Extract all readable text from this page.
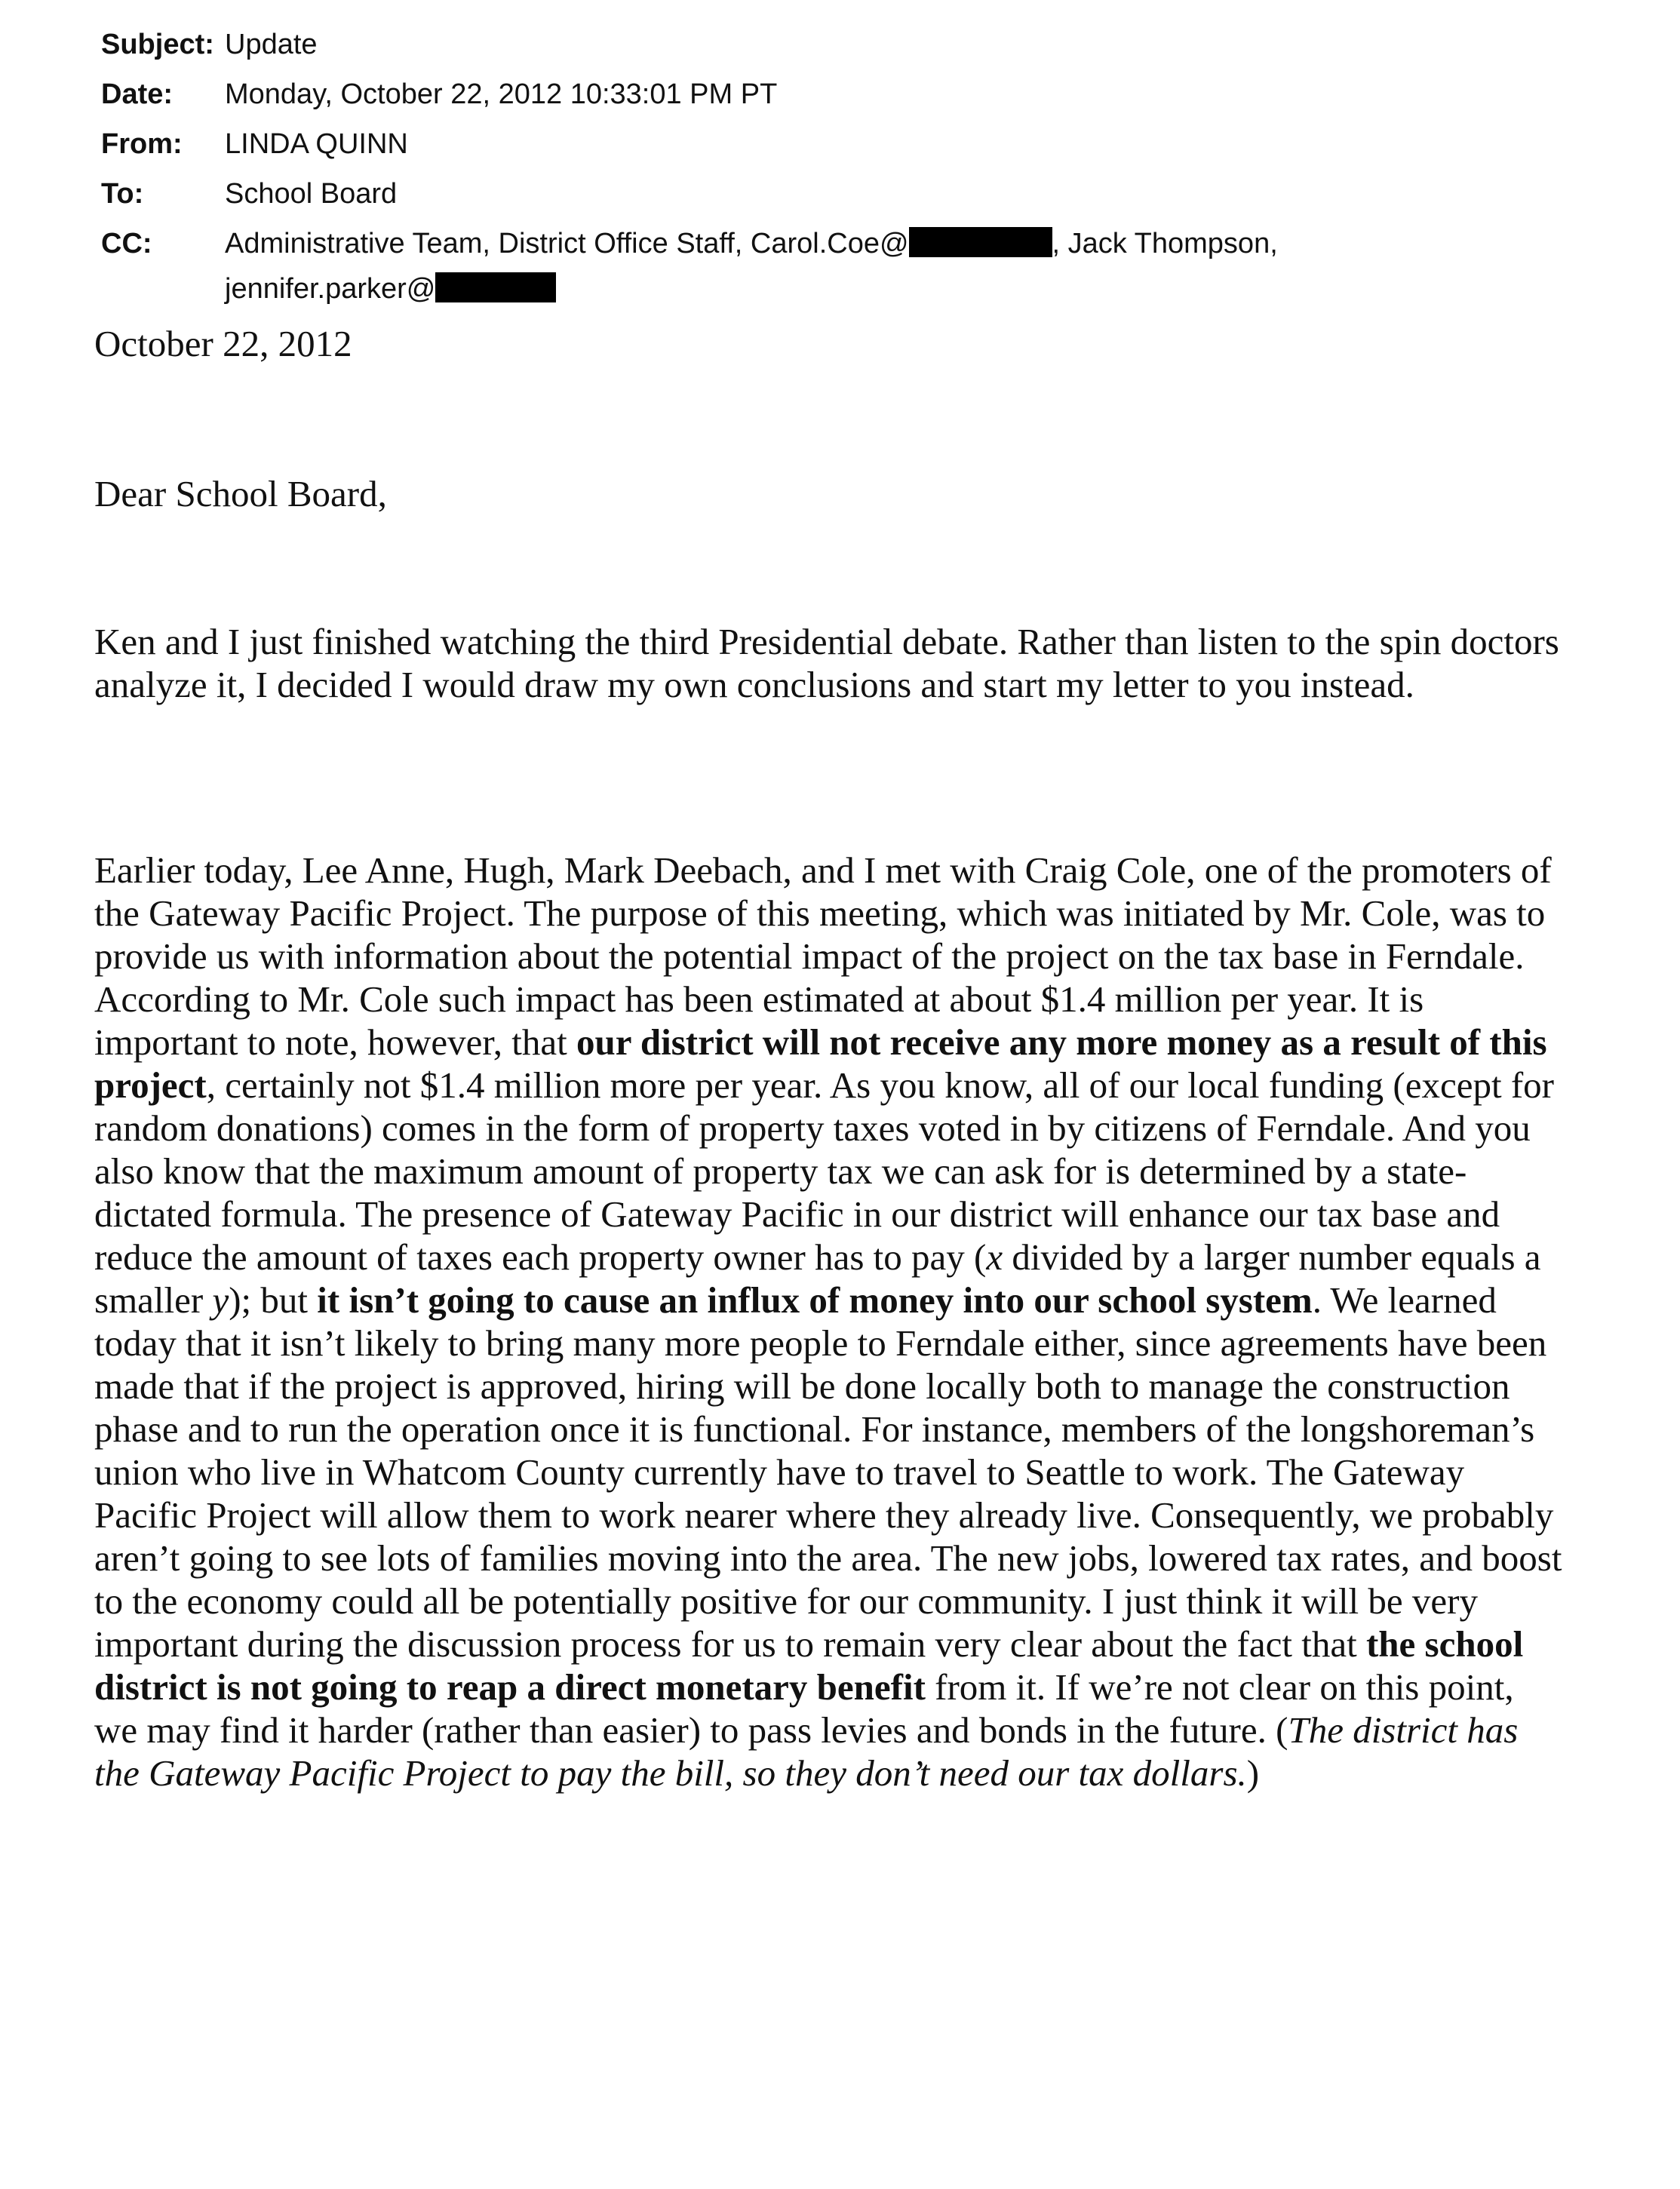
Subject: Update
Date:	Monday, October 22, 2012 10:33:01 PM PT
From:	LINDA QUINN
To:	School Board
CC:	Administrative Team, District Office Staff, Carol.Coe@	, Jack Thompson,
jennifer.parker@

October 22, 2012

Dear School Board,

Ken and I just finished watching the third Presidential debate. Rather than listen to the spin doctors analyze it, I decided I would draw my own conclusions and start my letter to you instead.

Earlier today, Lee Anne, Hugh, Mark Deebach, and I met with Craig Cole, one of the promoters of the Gateway Pacific Project. The purpose of this meeting, which was initiated by Mr. Cole, was to provide us with information about the potential impact of the project on the tax base in Ferndale. According to Mr. Cole such impact has been estimated at about $1.4 million per year. It is important to note, however, that our district will not receive any more money as a result of this project, certainly not $1.4 million more per year. As you know, all of our local funding (except for random donations) comes in the form of property taxes voted in by citizens of Ferndale. And you also know that the maximum amount of property tax we can ask for is determined by a state-dictated formula. The presence of Gateway Pacific in our district will enhance our tax base and reduce the amount of taxes each property owner has to pay (x divided by a larger number equals a smaller y); but it isn’t going to cause an influx of money into our school system. We learned today that it isn’t likely to bring many more people to Ferndale either, since agreements have been made that if the project is approved, hiring will be done locally both to manage the construction phase and to run the operation once it is functional. For instance, members of the longshoreman’s union who live in Whatcom County currently have to travel to Seattle to work. The Gateway Pacific Project will allow them to work nearer where they already live. Consequently, we probably aren’t going to see lots of families moving into the area. The new jobs, lowered tax rates, and boost to the economy could all be potentially positive for our community. I just think it will be very important during the discussion process for us to remain very clear about the fact that the school district is not going to reap a direct monetary benefit from it. If we’re not clear on this point, we may find it harder (rather than easier) to pass levies and bonds in the future. (The district has the Gateway Pacific Project to pay the bill, so they don’t need our tax dollars.)
